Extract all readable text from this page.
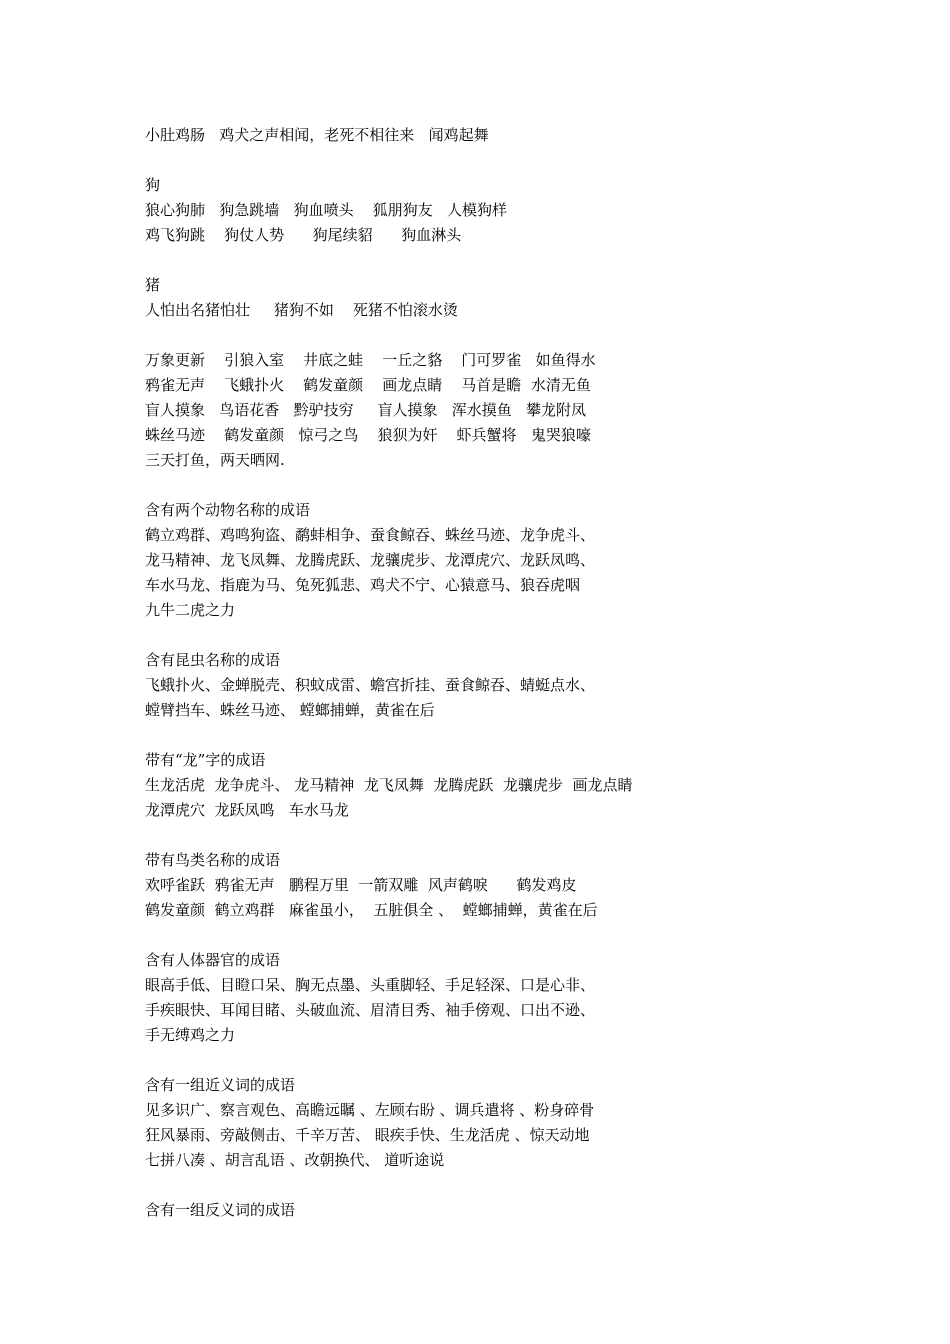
小肚鸡肠   鸡犬之声相闻，老死不相往来   闻鸡起舞
狗
狼心狗肺   狗急跳墙   狗血喷头    狐朋狗友   人模狗样
鸡飞狗跳    狗仗人势      狗尾续貂      狗血淋头
猪
人怕出名猪怕壮     猪狗不如    死猪不怕滚水烫
万象更新    引狼入室    井底之蛙    一丘之貉    门可罗雀   如鱼得水
鸦雀无声    飞蛾扑火    鹤发童颜    画龙点睛    马首是瞻  水清无鱼
盲人摸象   鸟语花香   黔驴技穷     盲人摸象   浑水摸鱼   攀龙附凤
蛛丝马迹    鹤发童颜   惊弓之鸟    狼狈为奸    虾兵蟹将   鬼哭狼嚎
三天打鱼，两天晒网.
含有两个动物名称的成语
鹤立鸡群、鸡鸣狗盗、鹬蚌相争、蚕食鲸吞、蛛丝马迹、龙争虎斗、
龙马精神、龙飞凤舞、龙腾虎跃、龙骧虎步、龙潭虎穴、龙跃凤鸣、
车水马龙、指鹿为马、兔死狐悲、鸡犬不宁、心猿意马、狼吞虎咽
九牛二虎之力
含有昆虫名称的成语
飞蛾扑火、金蝉脱壳、积蚊成雷、蟾宫折挂、蚕食鲸吞、蜻蜓点水、
螳臂挡车、蛛丝马迹、 螳螂捕蝉，黄雀在后
带有“龙”字的成语
生龙活虎  龙争虎斗、 龙马精神  龙飞凤舞  龙腾虎跃  龙骧虎步  画龙点睛
龙潭虎穴  龙跃凤鸣   车水马龙
带有鸟类名称的成语
欢呼雀跃  鸦雀无声   鹏程万里  一箭双雕  风声鹤唳      鹤发鸡皮
鹤发童颜  鹤立鸡群   麻雀虽小，  五脏俱全 、  螳螂捕蝉，黄雀在后
含有人体器官的成语
眼高手低、目瞪口呆、胸无点墨、头重脚轻、手足轻深、口是心非、
手疾眼快、耳闻目睹、头破血流、眉清目秀、袖手傍观、口出不逊、
手无缚鸡之力
含有一组近义词的成语
见多识广、察言观色、高瞻远瞩 、左顾右盼 、调兵遣将 、粉身碎骨
狂风暴雨、旁敲侧击、千辛万苦、 眼疾手快、生龙活虎 、惊天动地
七拼八凑 、胡言乱语 、改朝换代、 道听途说
含有一组反义词的成语
